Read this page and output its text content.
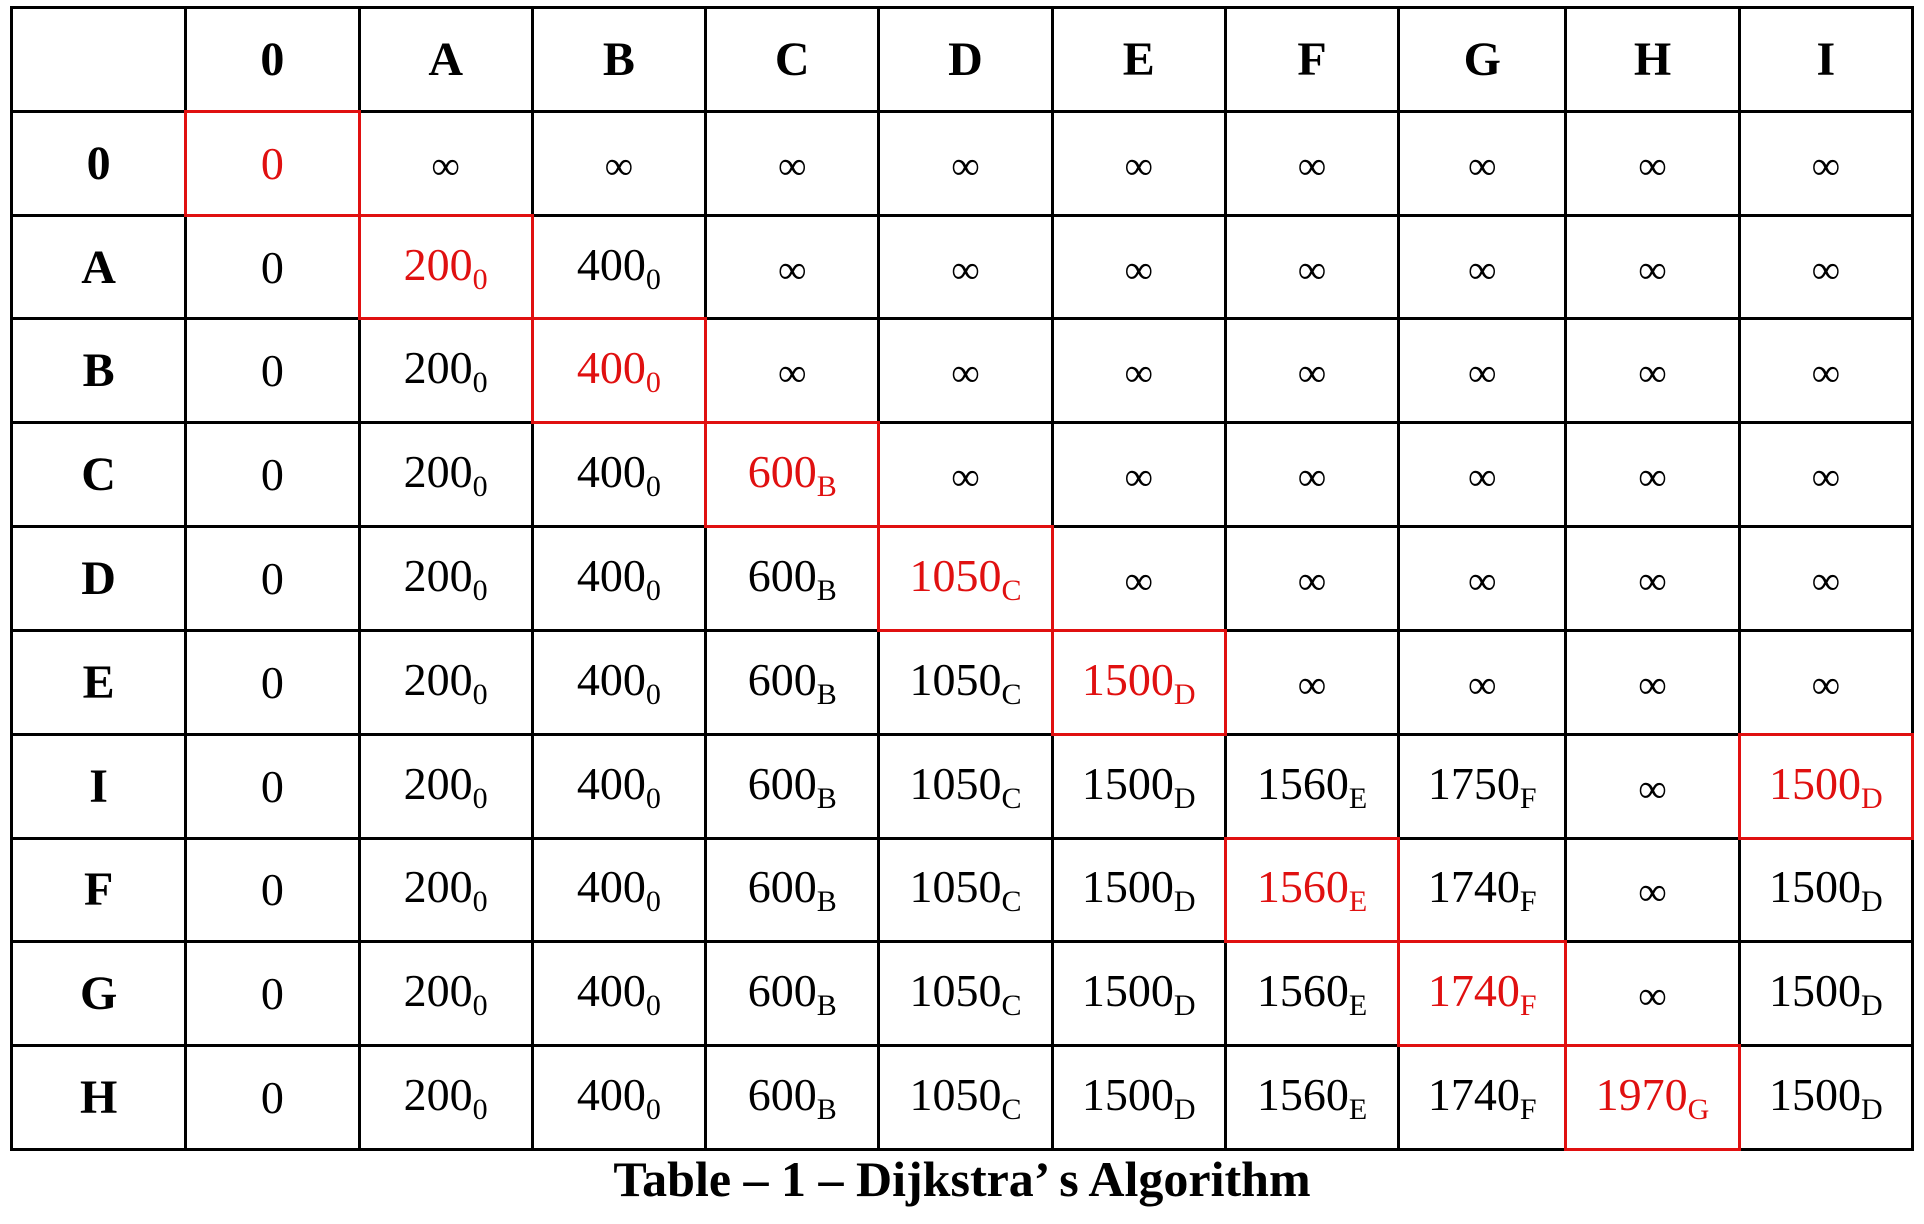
	0	A	B	C	D	E	F	G	H	I
0	0	∞	∞	∞	∞	∞	∞	∞	∞	∞
A	0	$200_0$	$400_0$	∞	∞	∞	∞	∞	∞	∞
B	0	$200_0$	$400_0$	∞	∞	∞	∞	∞	∞	∞
C	0	$200_0$	$400_0$	$600_B$	∞	∞	∞	∞	∞	∞
D	0	$200_0$	$400_0$	$600_B$	$1050_C$	∞	∞	∞	∞	∞
E	0	$200_0$	$400_0$	$600_B$	$1050_C$	$1500_D$	∞	∞	∞	∞
I	0	$200_0$	$400_0$	$600_B$	$1050_C$	$1500_D$	$1560_E$	$1750_F$	∞	$1500_D$
F	0	$200_0$	$400_0$	$600_B$	$1050_C$	$1500_D$	$1560_E$	$1740_F$	∞	$1500_D$
G	0	$200_0$	$400_0$	$600_B$	$1050_C$	$1500_D$	$1560_E$	$1740_F$	∞	$1500_D$
H	0	$200_0$	$400_0$	$600_B$	$1050_C$	$1500_D$	$1560_E$	$1740_F$	$1970_G$	$1500_D$
Table – 1 – Dijkstra’ s Algorithm
